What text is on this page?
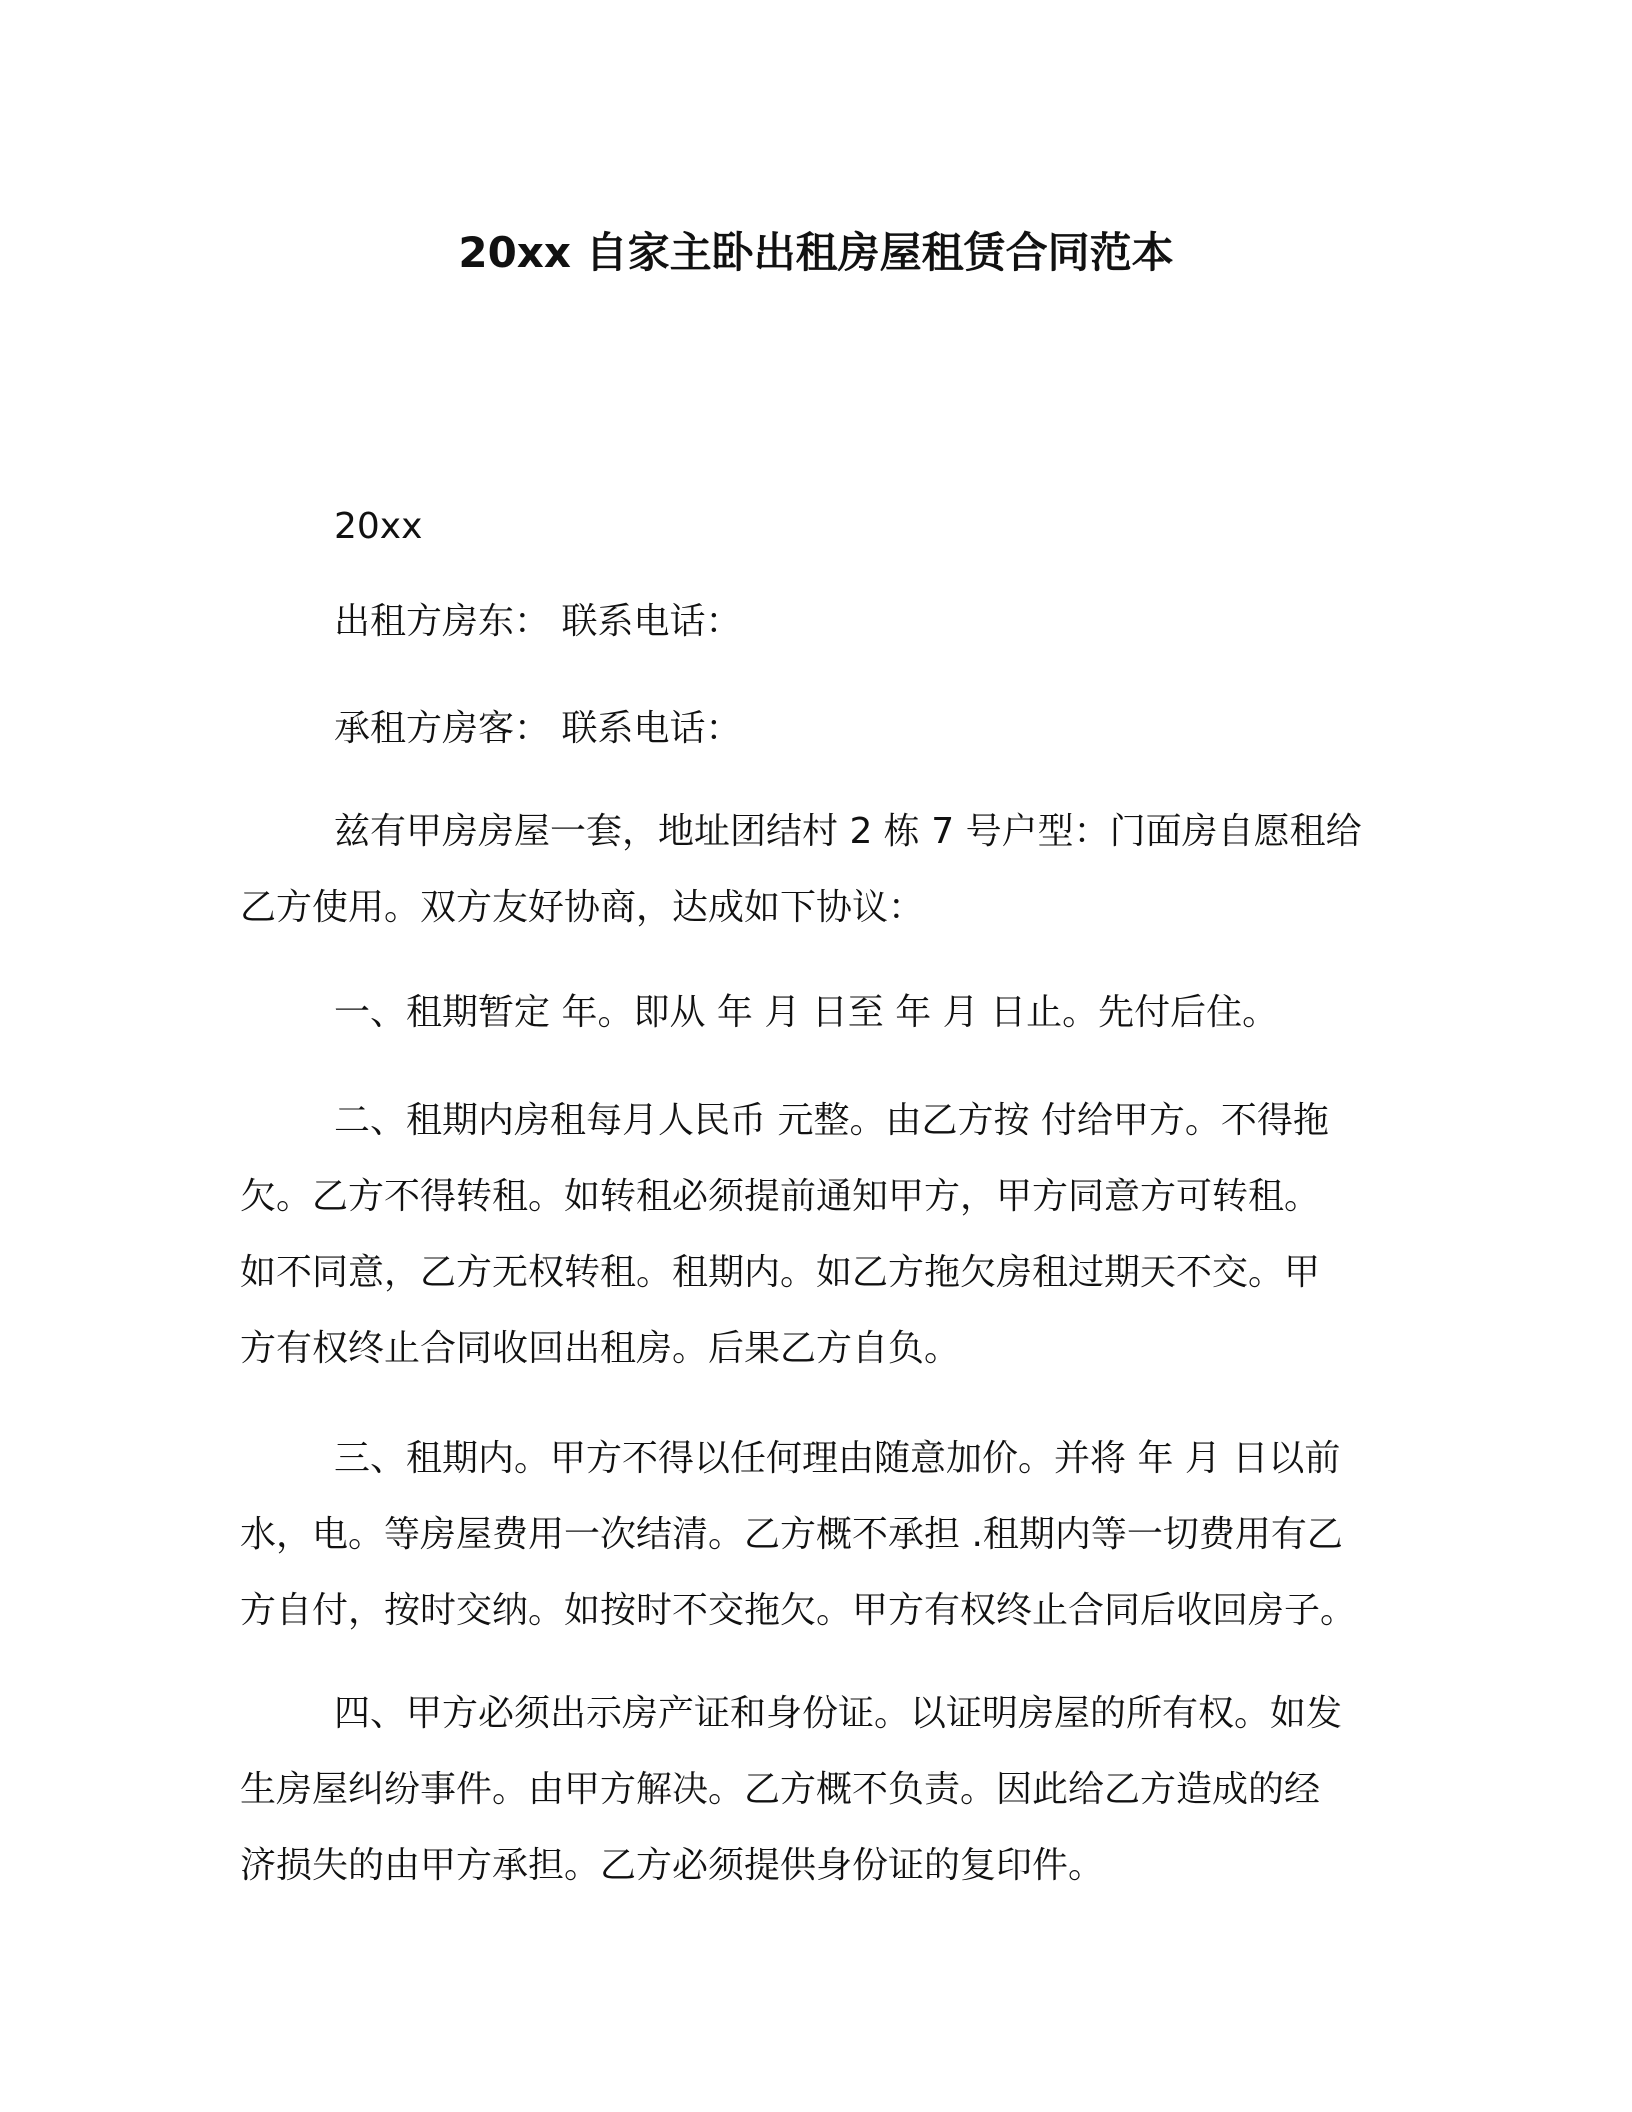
20xx 自家主卧出租房屋租赁合同范本
20xx
出租方房东： 联系电话：
承租方房客： 联系电话：
兹有甲房房屋一套，地址团结村 2 栋 7 号户型：门面房自愿租给
乙方使用。双方友好协商，达成如下协议：
一、租期暂定 年。即从 年 月 日至 年 月 日止。先付后住。
二、租期内房租每月人民币 元整。由乙方按 付给甲方。不得拖
欠。乙方不得转租。如转租必须提前通知甲方，甲方同意方可转租。
如不同意，乙方无权转租。租期内。如乙方拖欠房租过期天不交。甲
方有权终止合同收回出租房。后果乙方自负。
三、租期内。甲方不得以任何理由随意加价。并将 年 月 日以前
水，电。等房屋费用一次结清。乙方概不承担 .租期内等一切费用有乙
方自付，按时交纳。如按时不交拖欠。甲方有权终止合同后收回房子。
四、甲方必须出示房产证和身份证。以证明房屋的所有权。如发
生房屋纠纷事件。由甲方解决。乙方概不负责。因此给乙方造成的经
济损失的由甲方承担。乙方必须提供身份证的复印件。
